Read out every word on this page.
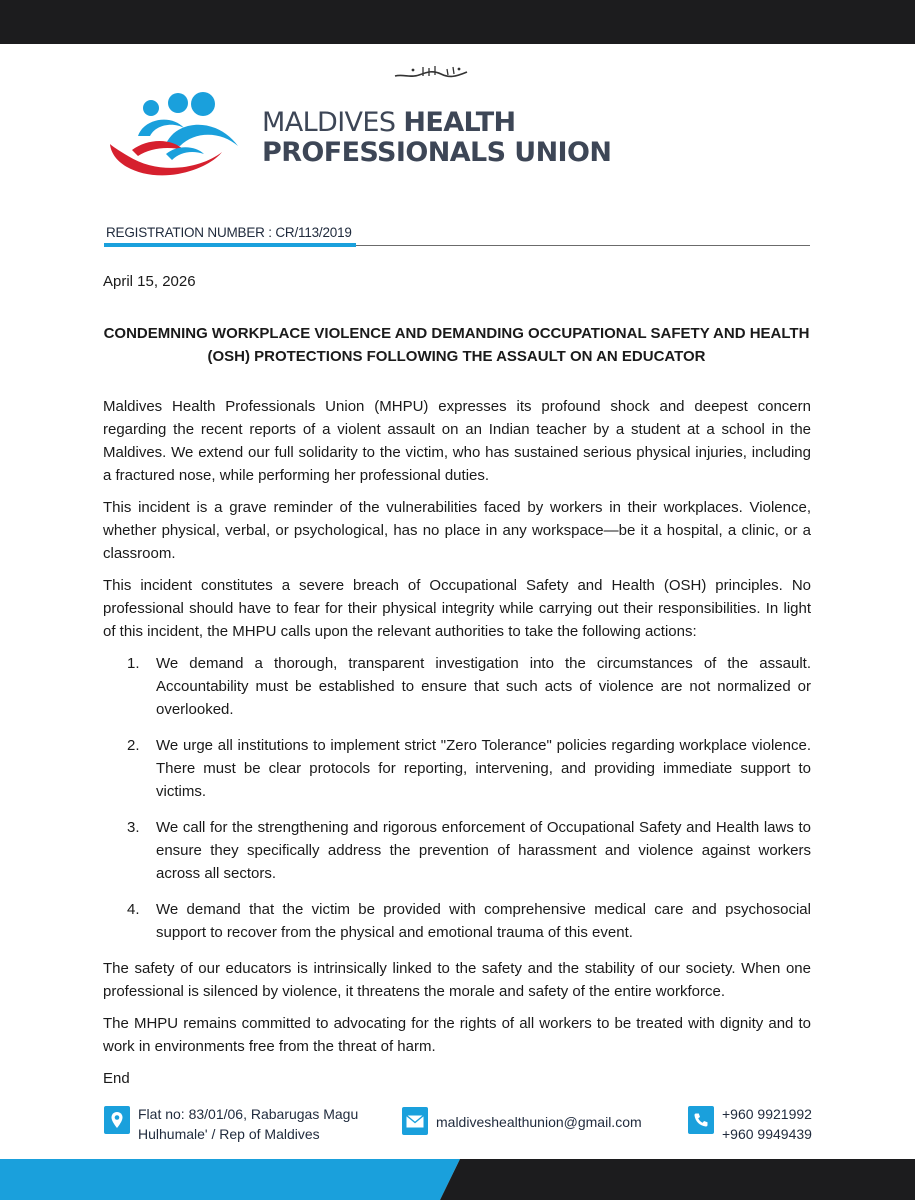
MALDIVES HEALTH
PROFESSIONALS UNION
REGISTRATION NUMBER : CR/113/2019
April 15, 2026
CONDEMNING WORKPLACE VIOLENCE AND DEMANDING OCCUPATIONAL SAFETY AND HEALTH (OSH) PROTECTIONS FOLLOWING THE ASSAULT ON AN EDUCATOR

Maldives Health Professionals Union (MHPU) expresses its profound shock and deepest concern regarding the recent reports of a violent assault on an Indian teacher by a student at a school in the Maldives. We extend our full solidarity to the victim, who has sustained serious physical injuries, including a fractured nose, while performing her professional duties.

This incident is a grave reminder of the vulnerabilities faced by workers in their workplaces. Violence, whether physical, verbal, or psychological, has no place in any workspace—be it a hospital, a clinic, or a classroom.

This incident constitutes a severe breach of Occupational Safety and Health (OSH) principles. No professional should have to fear for their physical integrity while carrying out their responsibilities. In light of this incident, the MHPU calls upon the relevant authorities to take the following actions:

1. We demand a thorough, transparent investigation into the circumstances of the assault. Accountability must be established to ensure that such acts of violence are not normalized or overlooked.
2. We urge all institutions to implement strict "Zero Tolerance" policies regarding workplace violence. There must be clear protocols for reporting, intervening, and providing immediate support to victims.
3. We call for the strengthening and rigorous enforcement of Occupational Safety and Health laws to ensure they specifically address the prevention of harassment and violence against workers across all sectors.
4. We demand that the victim be provided with comprehensive medical care and psychosocial support to recover from the physical and emotional trauma of this event.

The safety of our educators is intrinsically linked to the safety and the stability of our society. When one professional is silenced by violence, it threatens the morale and safety of the entire workforce.

The MHPU remains committed to advocating for the rights of all workers to be treated with dignity and to work in environments free from the threat of harm.

End

Flat no: 83/01/06, Rabarugas Magu
Hulhumale' / Rep of Maldives
maldiveshealthunion@gmail.com	+960 9921992
+960 9949439
